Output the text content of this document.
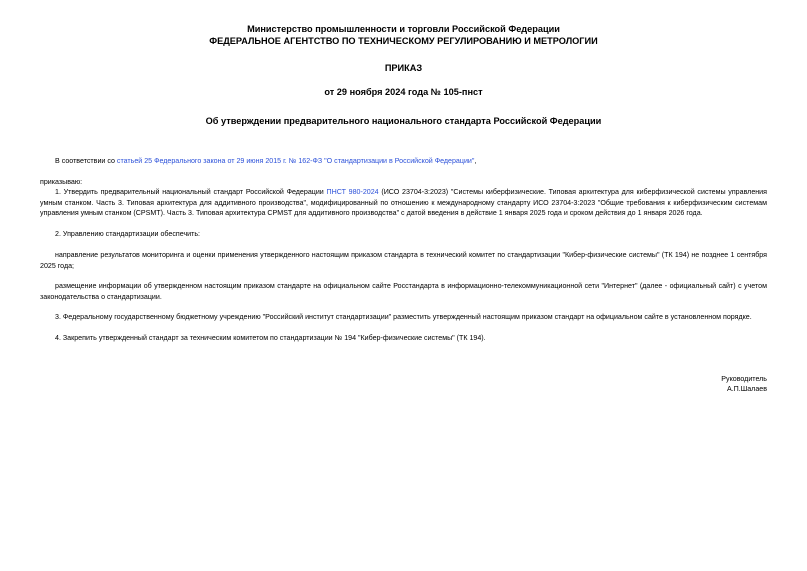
Министерство промышленности и торговли Российской Федерации
ФЕДЕРАЛЬНОЕ АГЕНТСТВО ПО ТЕХНИЧЕСКОМУ РЕГУЛИРОВАНИЮ И МЕТРОЛОГИИ
ПРИКАЗ
от 29 ноября 2024 года № 105-пнст
Об утверждении предварительного национального стандарта Российской Федерации
В соответствии со статьей 25 Федерального закона от 29 июня 2015 г. № 162-ФЗ "О стандартизации в Российской Федерации",
приказываю:
1. Утвердить предварительный национальный стандарт Российской Федерации ПНСТ 980-2024 (ИСО 23704-3:2023) "Системы киберфизические. Типовая архитектура для киберфизической системы управления умным станком. Часть 3. Типовая архитектура для аддитивного производства", модифицированный по отношению к международному стандарту ИСО 23704-3:2023 "Общие требования к киберфизическим системам управления умным станком (CPSMT). Часть 3. Типовая архитектура CPMST для аддитивного производства" с датой введения в действие 1 января 2025 года и сроком действия до 1 января 2026 года.
2. Управлению стандартизации обеспечить:
направление результатов мониторинга и оценки применения утвержденного настоящим приказом стандарта в технический комитет по стандартизации "Кибер-физические системы" (ТК 194) не позднее 1 сентября 2025 года;
размещение информации об утвержденном настоящим приказом стандарте на официальном сайте Росстандарта в информационно-телекоммуникационной сети "Интернет" (далее - официальный сайт) с учетом законодательства о стандартизации.
3. Федеральному государственному бюджетному учреждению "Российский институт стандартизации" разместить утвержденный настоящим приказом стандарт на официальном сайте в установленном порядке.
4. Закрепить утвержденный стандарт за техническим комитетом по стандартизации № 194 "Кибер-физические системы" (ТК 194).
Руководитель
А.П.Шалаев
